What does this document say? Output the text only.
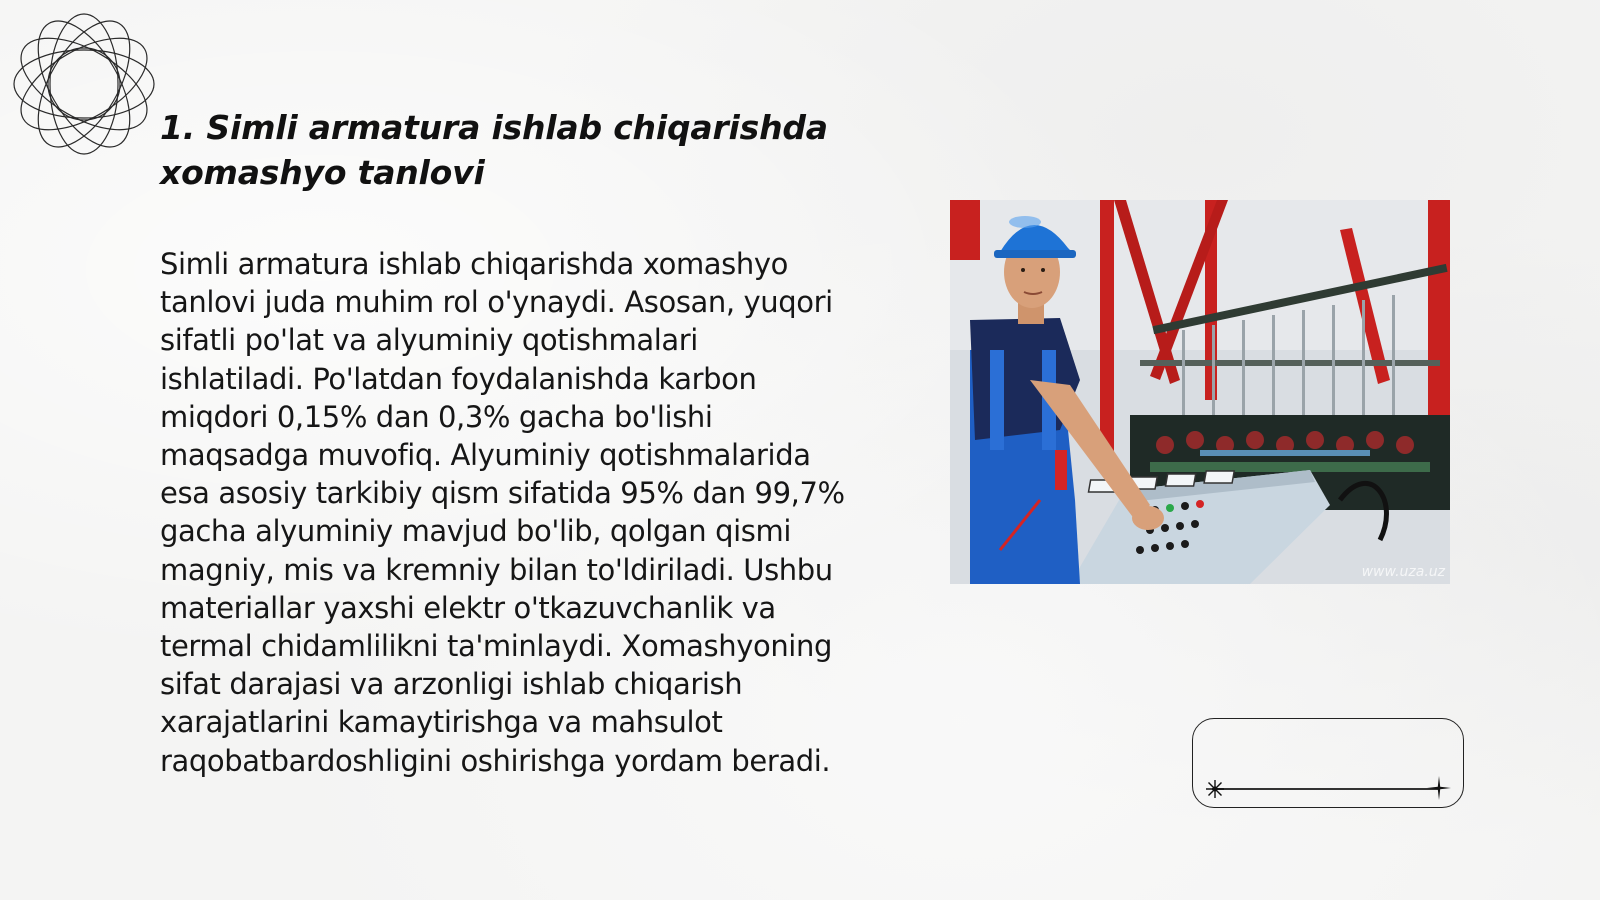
1. Simli armatura ishlab chiqarishda xomashyo tanlovi

Simli armatura ishlab chiqarishda xomashyo tanlovi juda muhim rol o'ynaydi. Asosan, yuqori sifatli po'lat va alyuminiy qotishmalari ishlatiladi. Po'latdan foydalanishda karbon miqdori 0,15% dan 0,3% gacha bo'lishi maqsadga muvofiq. Alyuminiy qotishmalarida esa asosiy tarkibiy qism sifatida 95% dan 99,7% gacha alyuminiy mavjud bo'lib, qolgan qismi magniy, mis va kremniy bilan to'ldiriladi. Ushbu materiallar yaxshi elektr o'tkazuvchanlik va termal chidamlilikni ta'minlaydi. Xomashyoning sifat darajasi va arzonligi ishlab chiqarish xarajatlarini kamaytirishga va mahsulot raqobatbardoshligini oshirishga yordam beradi.

www.uza.uz
